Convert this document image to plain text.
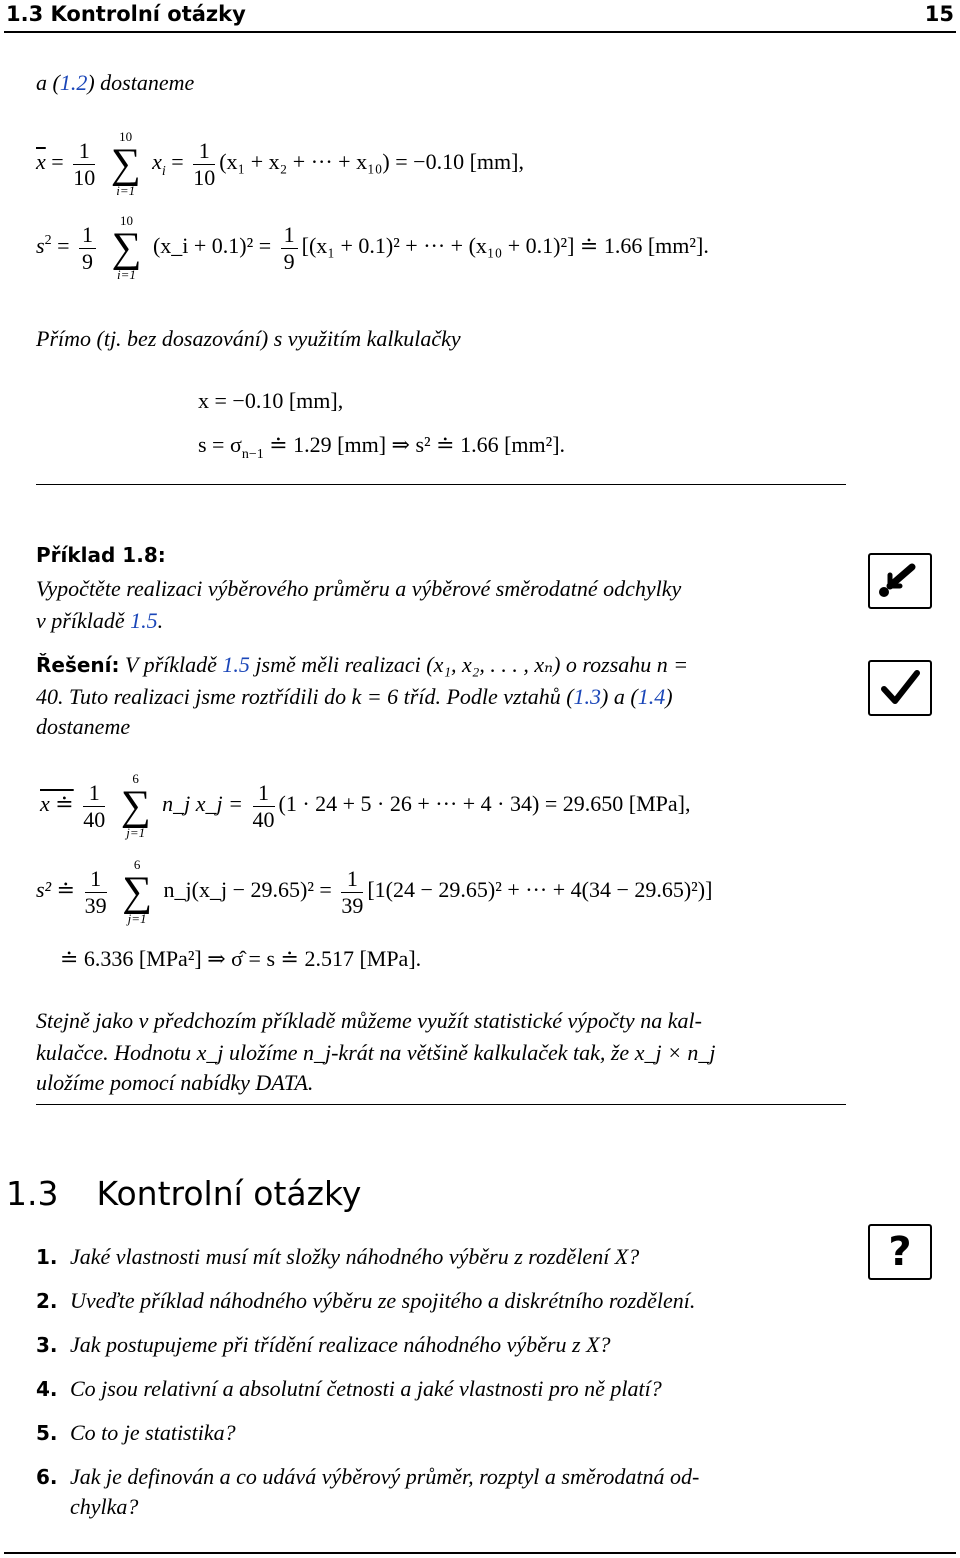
1.3 Kontrolní otázky	15
a (1.2) dostaneme
$\overline{x} = \frac{1}{10}$
10
∑
i=1 $x_i = \frac{1}{10} (x_1 + x_2$ + ··· + x₁₀) = −0.10 [mm],
$s^2 = \frac{1}{9}$
10
∑
i=1 (x_i + $0.1)^2 = \frac{1}{9} [(x_1 + 0.1)^2$ + ··· + (x₁₀ + 0.1)²] ≐ 1.66 [mm²].
Přímo (tj. bez dosazování) s využitím kalkulačky
x = −0.10 [mm],
$s = \sigma_{n-1}$ ≐ 1.29 [mm] ⇒ s² ≐ 1.66 [mm²].
Příklad 1.8:
Vypočtěte realizaci výběrového průměru a výběrové směrodatné odchylky
v příkladě 1.5.
Řešení: V příkladě 1.5 jsmě měli realizaci (x₁, x₂, . . . , xₙ) o rozsahu n =
40. Tuto realizaci jsme roztřídili do k = 6 tříd. Podle vztahů (1.3) a (1.4)
dostaneme
x ≐ $\frac{1}{40}$
6
∑
j=1 n_j x_j = $\frac{1}{40} (1 \cdot 24 + 5 \cdot 26$ + ··· + 4 · 34) = 29.650 [MPa],
s² ≐ $\frac{1}{39}$
6
∑
j=1 n_j(x_j − $29.65)^2 = \frac{1}{39} [1(24 - 29.65)^2$ + ··· + 4(34 − 29.65)²)]
≐ 6.336 [MPa²] ⇒ σ̂ = s ≐ 2.517 [MPa].
Stejně jako v předchozím příkladě můžeme využít statistické výpočty na kal-
kulačce. Hodnotu x_j uložíme n_j-krát na většině kalkulaček tak, že x_j × n_j
uložíme pomocí nabídky DATA.
1.3 Kontrolní otázky
?
1. Jaké vlastnosti musí mít složky náhodného výběru z rozdělení X?
2. Uveďte příklad náhodného výběru ze spojitého a diskrétního rozdělení.
3. Jak postupujeme při třídění realizace náhodného výběru z X?
4. Co jsou relativní a absolutní četnosti a jaké vlastnosti pro ně platí?
5. Co to je statistika?
6. Jak je definován a co udává výběrový průměr, rozptyl a směrodatná od-
chylka?
